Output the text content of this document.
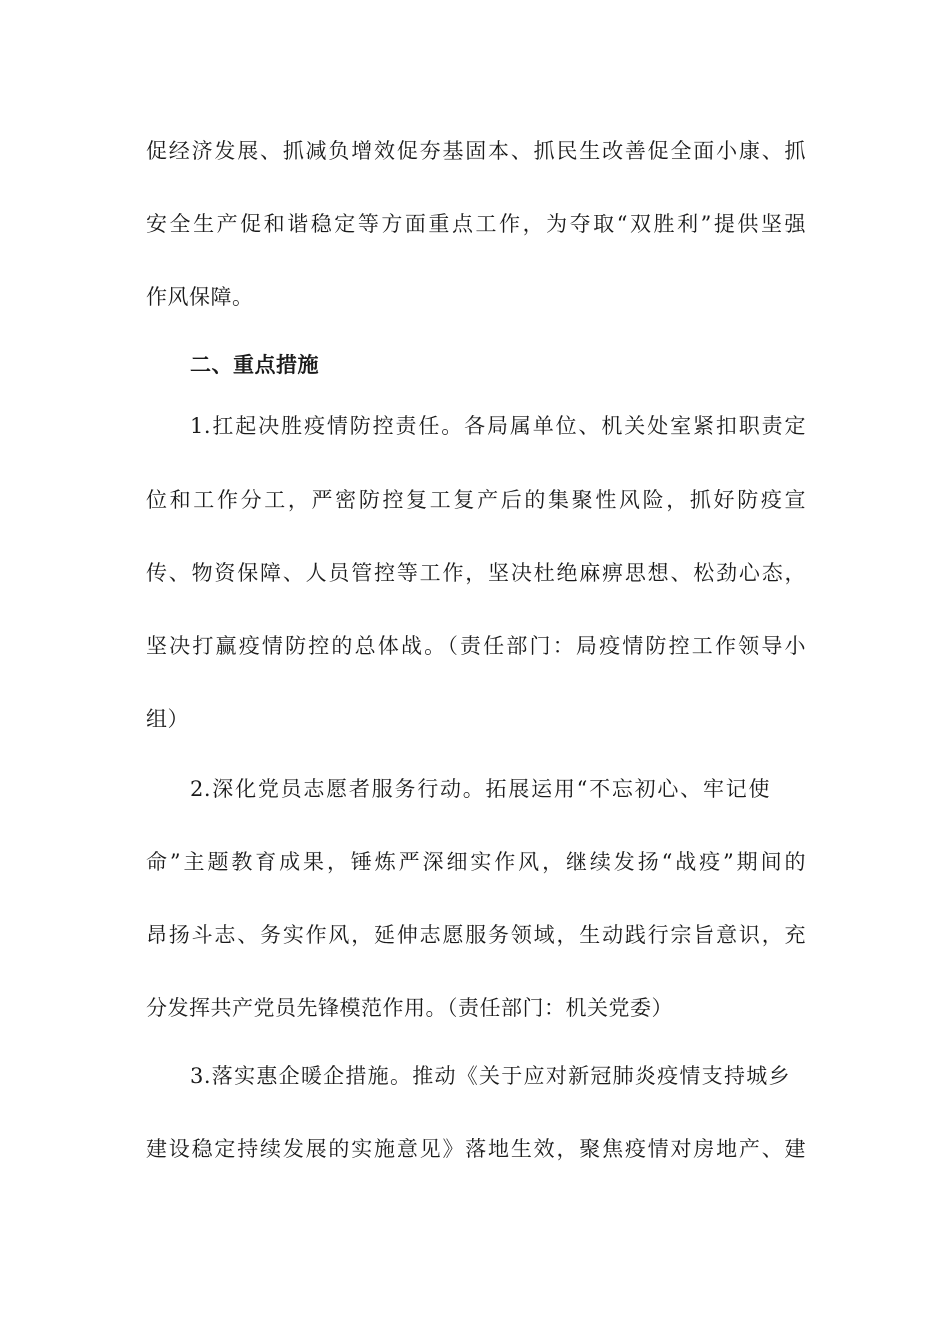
促经济发展、抓减负增效促夯基固本、抓民生改善促全面小康、抓
安全生产促和谐稳定等方面重点工作，为夺取“双胜利”提供坚强
作风保障。
二、重点措施
1.扛起决胜疫情防控责任。各局属单位、机关处室紧扣职责定
位和工作分工，严密防控复工复产后的集聚性风险，抓好防疫宣
传、物资保障、人员管控等工作，坚决杜绝麻痹思想、松劲心态，
坚决打赢疫情防控的总体战。（责任部门：局疫情防控工作领导小
组）
2.深化党员志愿者服务行动。拓展运用“不忘初心、牢记使
命”主题教育成果，锤炼严深细实作风，继续发扬“战疫”期间的
昂扬斗志、务实作风，延伸志愿服务领域，生动践行宗旨意识，充
分发挥共产党员先锋模范作用。（责任部门：机关党委）
3.落实惠企暖企措施。推动《关于应对新冠肺炎疫情支持城乡
建设稳定持续发展的实施意见》落地生效，聚焦疫情对房地产、建
